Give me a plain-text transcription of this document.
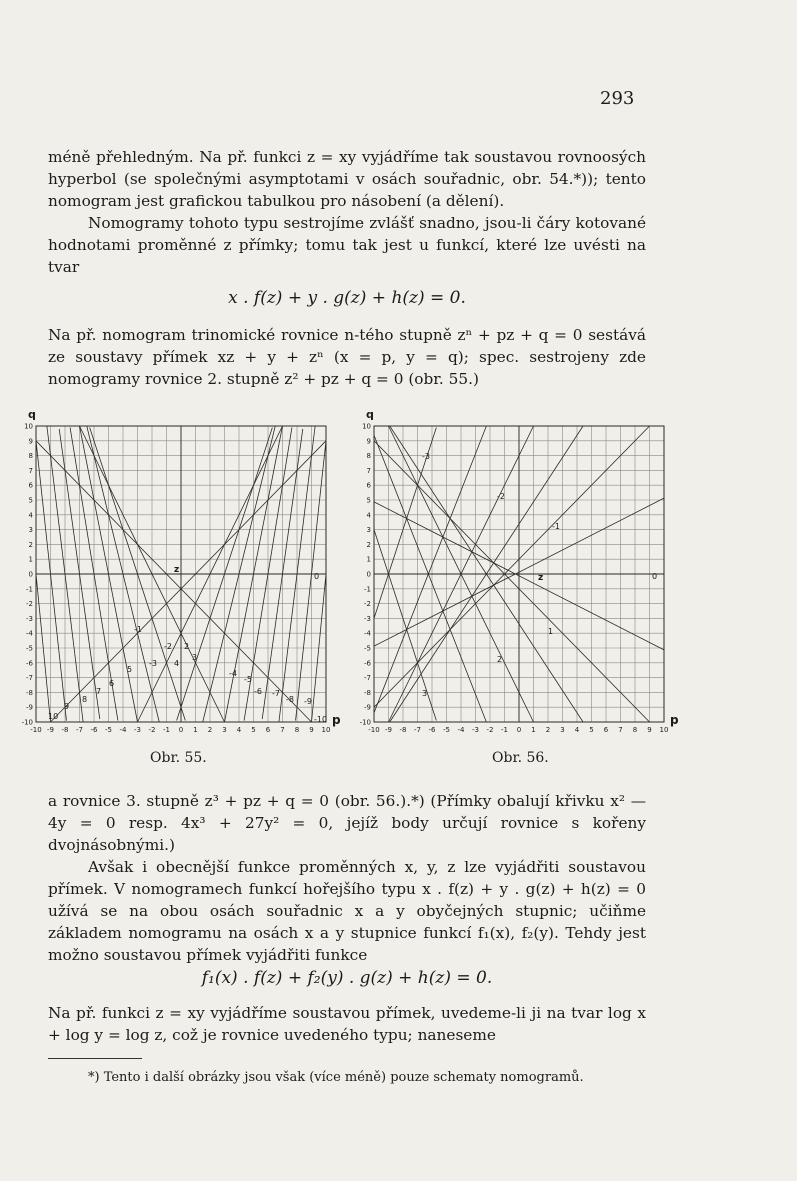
293

méně přehledným. Na př. funkci z = xy vyjádříme tak soustavou rovnoosých hyperbol (se společnými asymptotami v osách souřadnic, obr. 54.*)); tento nomogram jest grafickou tabulkou pro násobení (a dělení).

Nomogramy tohoto typu sestrojíme zvlášť snadno, jsou-li čáry kotované hodnotami proměnné z přímky; tomu tak jest u funkcí, které lze uvésti na tvar

x . f(z) + y . g(z) + h(z) = 0.

Na př. nomogram trinomické rovnice n-tého stupně zⁿ + pz + q = 0 sestává ze soustavy přímek xz + y + zⁿ (x = p, y = q); spec. sestrojeny zde nomogramy rovnice 2. stupně z² + pz + q = 0 (obr. 55.)

-10 -9 -8 -7 -6 -5 -4 -3 -2 -1 0 1 2 3 4 5 6 7 8 9 10
10
9
8
7
6
5
4
3
2
1
0
-1
-2
-3
-4
-5
-6
-7
-8
-9
-10
q
p
z
0
-1
-2 2
3
-3 4
-4
5
-5
6
-6
7	-7
8	-8
9
-9
10	-10
Obr. 55.
-10 -9 -8 -7 -6 -5 -4 -3 -2 -1 0 1 2 3 4 5 6 7 8 9 10
10
9
8
7
6
5
4
3
2
1
0
-1
-2
-3
-4
-5
-6
-7
-8
-9
-10
q
p
z
-3
-2
-1
0
1
2
3
Obr. 56.

a rovnice 3. stupně z³ + pz + q = 0 (obr. 56.).*) (Přímky obalují křivku x² — 4y = 0 resp. 4x³ + 27y² = 0, jejíž body určují rovnice s kořeny dvojnásobnými.)

Avšak i obecnější funkce proměnných x, y, z lze vyjádřiti soustavou přímek. V nomogramech funkcí hořejšího typu x . f(z) + y . g(z) + h(z) = 0 užívá se na obou osách souřadnic x a y obyčejných stupnic; učiňme základem nomogramu na osách x a y stupnice funkcí f₁(x), f₂(y). Tehdy jest možno soustavou přímek vyjádřiti funkce

f₁(x) . f(z) + f₂(y) . g(z) + h(z) = 0.

Na př. funkci z = xy vyjádříme soustavou přímek, uvedeme-li ji na tvar log x + log y = log z, což je rovnice uvedeného typu; naneseme

*) Tento i další obrázky jsou však (více méně) pouze schematy nomogramů.
